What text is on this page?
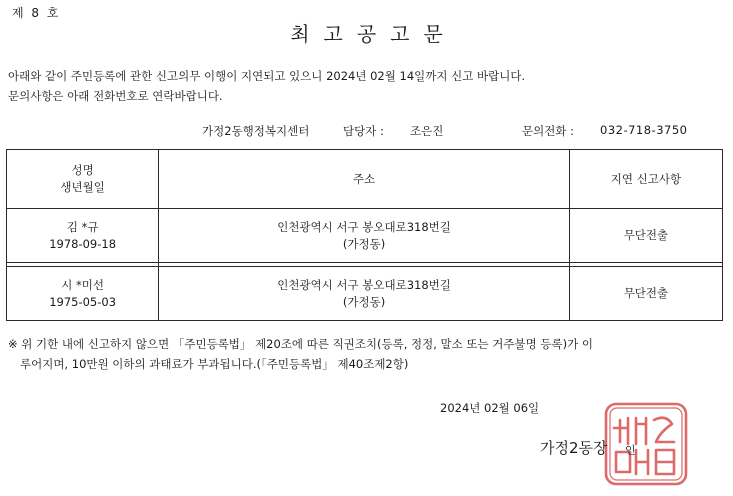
제 8 호
최고공고문
아래와 같이 주민등록에 관한 신고의무 이행이 지연되고 있으니 2024년 02월 14일까지 신고 바랍니다.
문의사항은 아래 전화번호로 연락바랍니다.
가정2동행정복지센터	담당자 : 조은진	문의전화 : 032-718-3750
성명
생년월일	주소	지연 신고사항

김 *규
1978-09-18	인천광역시 서구 봉오대로318번길
(가정동)	무단전출

시 *미선
1975-05-03	인천광역시 서구 봉오대로318번길
(가정동)	무단전출
※ 위 기한 내에 신고하지 않으면 「주민등록법」 제20조에 따른 직권조치(등록, 정정, 말소 또는 거주불명 등록)가 이
루어지며, 10만원 이하의 과태료가 부과됩니다.(「주민등록법」 제40조제2항)
2024년 02월 06일
가정2동장 인
